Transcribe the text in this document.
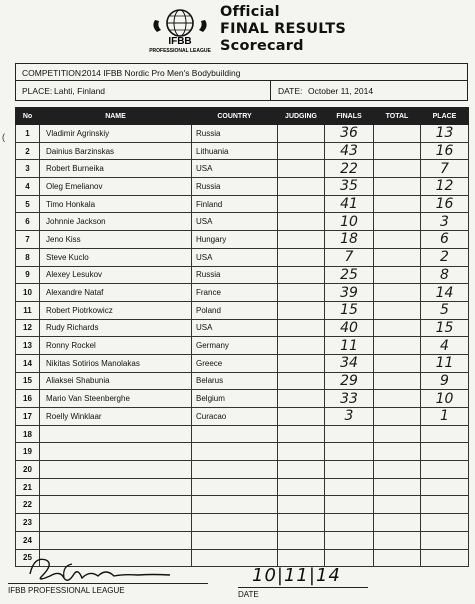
IFBB
PROFESSIONAL LEAGUE
Official
FINAL RESULTS
Scorecard
COMPETITION:
2014 IFBB Nordic Pro Men's Bodybuilding
PLACE: Lahti, Finland	DATE: October 11, 2014
(
No	NAME	COUNTRY	JUDGING	FINALS	TOTAL	PLACE
1	Vladimir Agrinskiy	Russia		36		13
2	Dainius Barzinskas	Lithuania		43		16
3	Robert Burneika	USA		22		7
4	Oleg Emelianov	Russia		35		12
5	Timo Honkala	Finland		41		16
6	Johnnie Jackson	USA		10		3
7	Jeno Kiss	Hungary		18		6
8	Steve Kuclo	USA		7		2
9	Alexey Lesukov	Russia		25		8
10	Alexandre Nataf	France		39		14
11	Robert Piotrkowicz	Poland		15		5
12	Rudy Richards	USA		40		15
13	Ronny Rockel	Germany		11		4
14	Nikitas Sotirios Manolakas	Greece		34		11
15	Aliaksei Shabunia	Belarus		29		9
16	Mario Van Steenberghe	Belgium		33		10
17	Roelly Winklaar	Curacao		3		1
18						
19						
20						
21						
22						
23						
24						
25						
IFBB PROFESSIONAL LEAGUE
10|11|14
DATE
